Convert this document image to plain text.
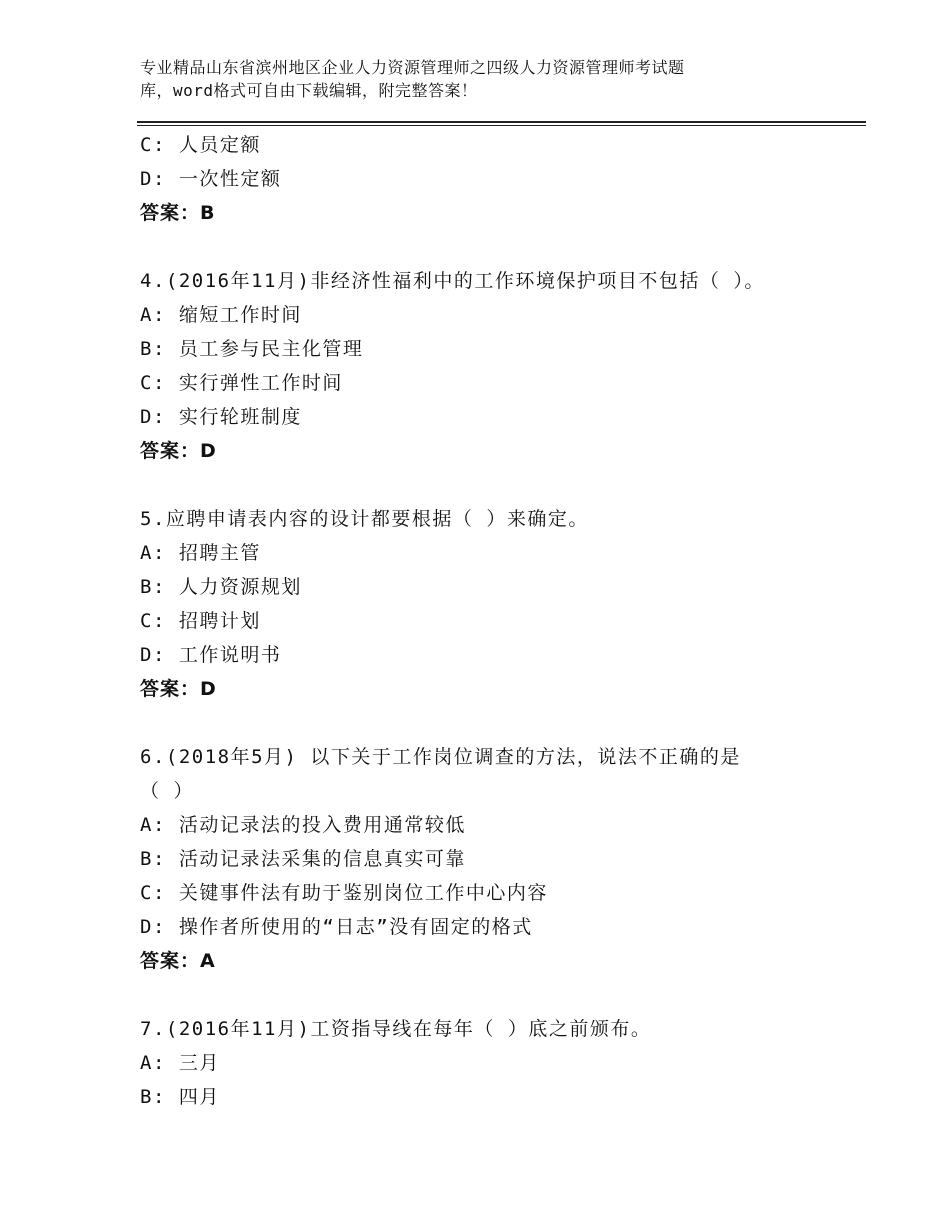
专业精品山东省滨州地区企业人力资源管理师之四级人力资源管理师考试题
库，word格式可自由下载编辑，附完整答案！
C: 人员定额
D: 一次性定额
答案：B
4.(2016年11月)非经济性福利中的工作环境保护项目不包括（ ）。
A: 缩短工作时间
B: 员工参与民主化管理
C: 实行弹性工作时间
D: 实行轮班制度
答案：D
5.应聘申请表内容的设计都要根据（ ）来确定。
A: 招聘主管
B: 人力资源规划
C: 招聘计划
D: 工作说明书
答案：D
6.(2018年5月) 以下关于工作岗位调查的方法，说法不正确的是
（ ）
A: 活动记录法的投入费用通常较低
B: 活动记录法采集的信息真实可靠
C: 关键事件法有助于鉴别岗位工作中心内容
D: 操作者所使用的“日志”没有固定的格式
答案：A
7.(2016年11月)工资指导线在每年（ ）底之前颁布。
A: 三月
B: 四月
